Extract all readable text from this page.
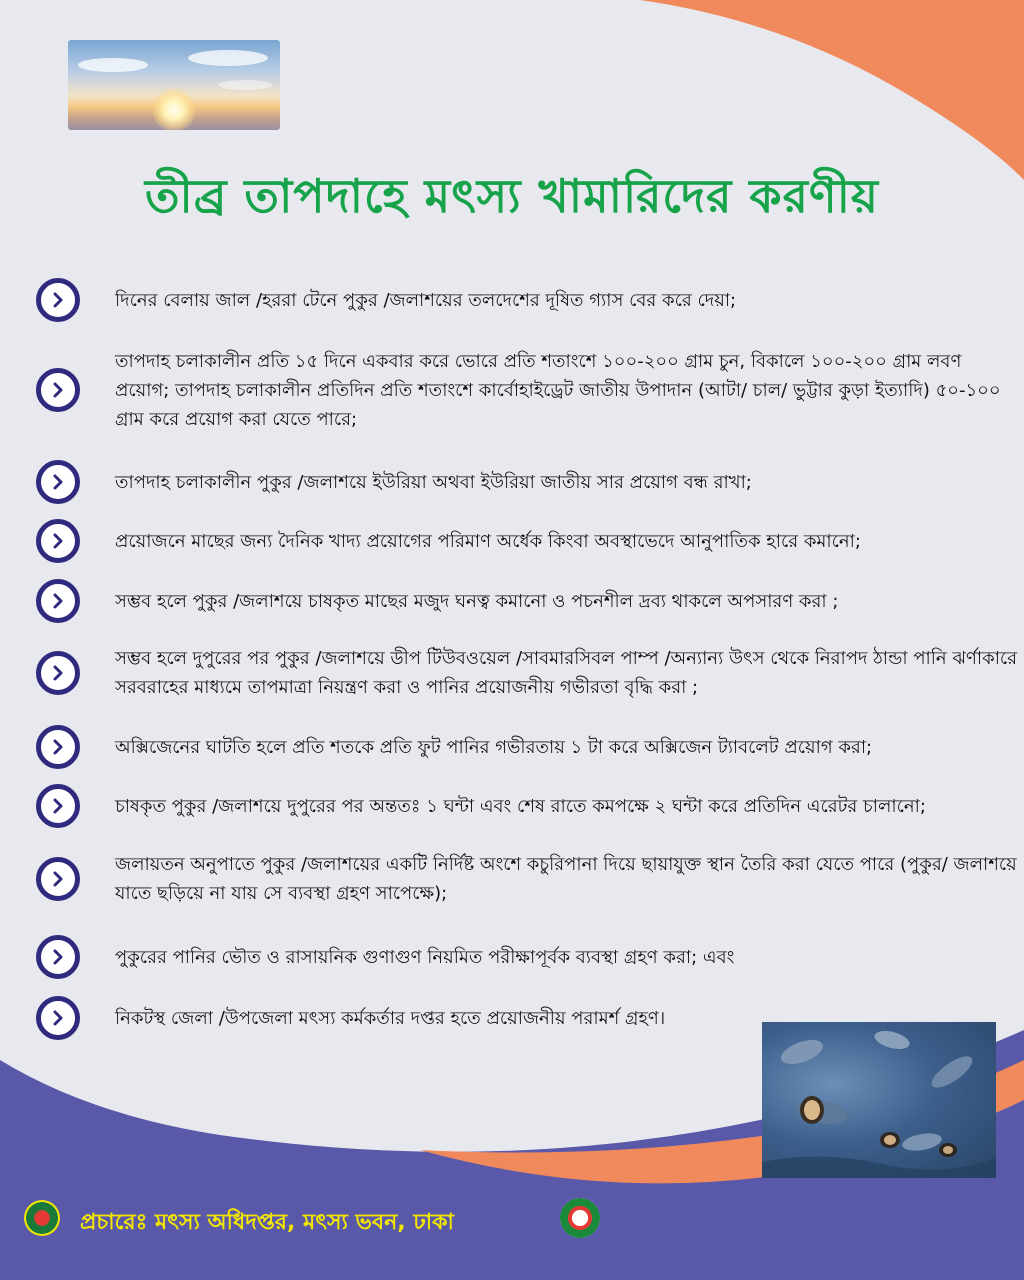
তীব্র তাপদাহে মৎস্য খামারিদের করণীয়
দিনের বেলায় জাল /হররা টেনে পুকুর /জলাশয়ের তলদেশের দূষিত গ্যাস বের করে দেয়া;
তাপদাহ চলাকালীন প্রতি ১৫ দিনে একবার করে ভোরে প্রতি শতাংশে ১০০-২০০ গ্রাম চুন, বিকালে ১০০-২০০ গ্রাম লবণ প্রয়োগ; তাপদাহ চলাকালীন প্রতিদিন প্রতি শতাংশে কার্বোহাইড্রেট জাতীয় উপাদান (আটা/ চাল/ ভুট্টার কুড়া ইত্যাদি) ৫০-১০০ গ্রাম করে প্রয়োগ করা যেতে পারে;
তাপদাহ চলাকালীন পুকুর /জলাশয়ে ইউরিয়া অথবা ইউরিয়া জাতীয় সার প্রয়োগ বন্ধ রাখা;
প্রয়োজনে মাছের জন্য দৈনিক খাদ্য প্রয়োগের পরিমাণ অর্ধেক কিংবা অবস্থাভেদে আনুপাতিক হারে কমানো;
সম্ভব হলে পুকুর /জলাশয়ে চাষকৃত মাছের মজুদ ঘনত্ব কমানো ও পচনশীল দ্রব্য থাকলে অপসারণ করা ;
সম্ভব হলে দুপুরের পর পুকুর /জলাশয়ে ডীপ টিউবওয়েল /সাবমারসিবল পাম্প /অন্যান্য উৎস থেকে নিরাপদ ঠান্ডা পানি ঝর্ণাকারে সরবরাহের মাধ্যমে তাপমাত্রা নিয়ন্ত্রণ করা ও পানির প্রয়োজনীয় গভীরতা বৃদ্ধি করা ;
অক্সিজেনের ঘাটতি হলে প্রতি শতকে প্রতি ফুট পানির গভীরতায় ১ টা করে অক্সিজেন ট্যাবলেট প্রয়োগ করা;
চাষকৃত পুকুর /জলাশয়ে দুপুরের পর অন্ততঃ ১ ঘন্টা এবং শেষ রাতে কমপক্ষে ২ ঘন্টা করে প্রতিদিন এরেটর চালানো;
জলায়তন অনুপাতে পুকুর /জলাশয়ের একটি নির্দিষ্ট অংশে কচুরিপানা দিয়ে ছায়াযুক্ত স্থান তৈরি করা যেতে পারে (পুকুর/ জলাশয়ে যাতে ছড়িয়ে না যায় সে ব্যবস্থা গ্রহণ সাপেক্ষে);
পুকুরের পানির ভৌত ও রাসায়নিক গুণাগুণ নিয়মিত পরীক্ষাপূর্বক ব্যবস্থা গ্রহণ করা; এবং
নিকটস্থ জেলা /উপজেলা মৎস্য কর্মকর্তার দপ্তর হতে প্রয়োজনীয় পরামর্শ গ্রহণ।
প্রচারেঃ মৎস্য অধিদপ্তর, মৎস্য ভবন, ঢাকা
